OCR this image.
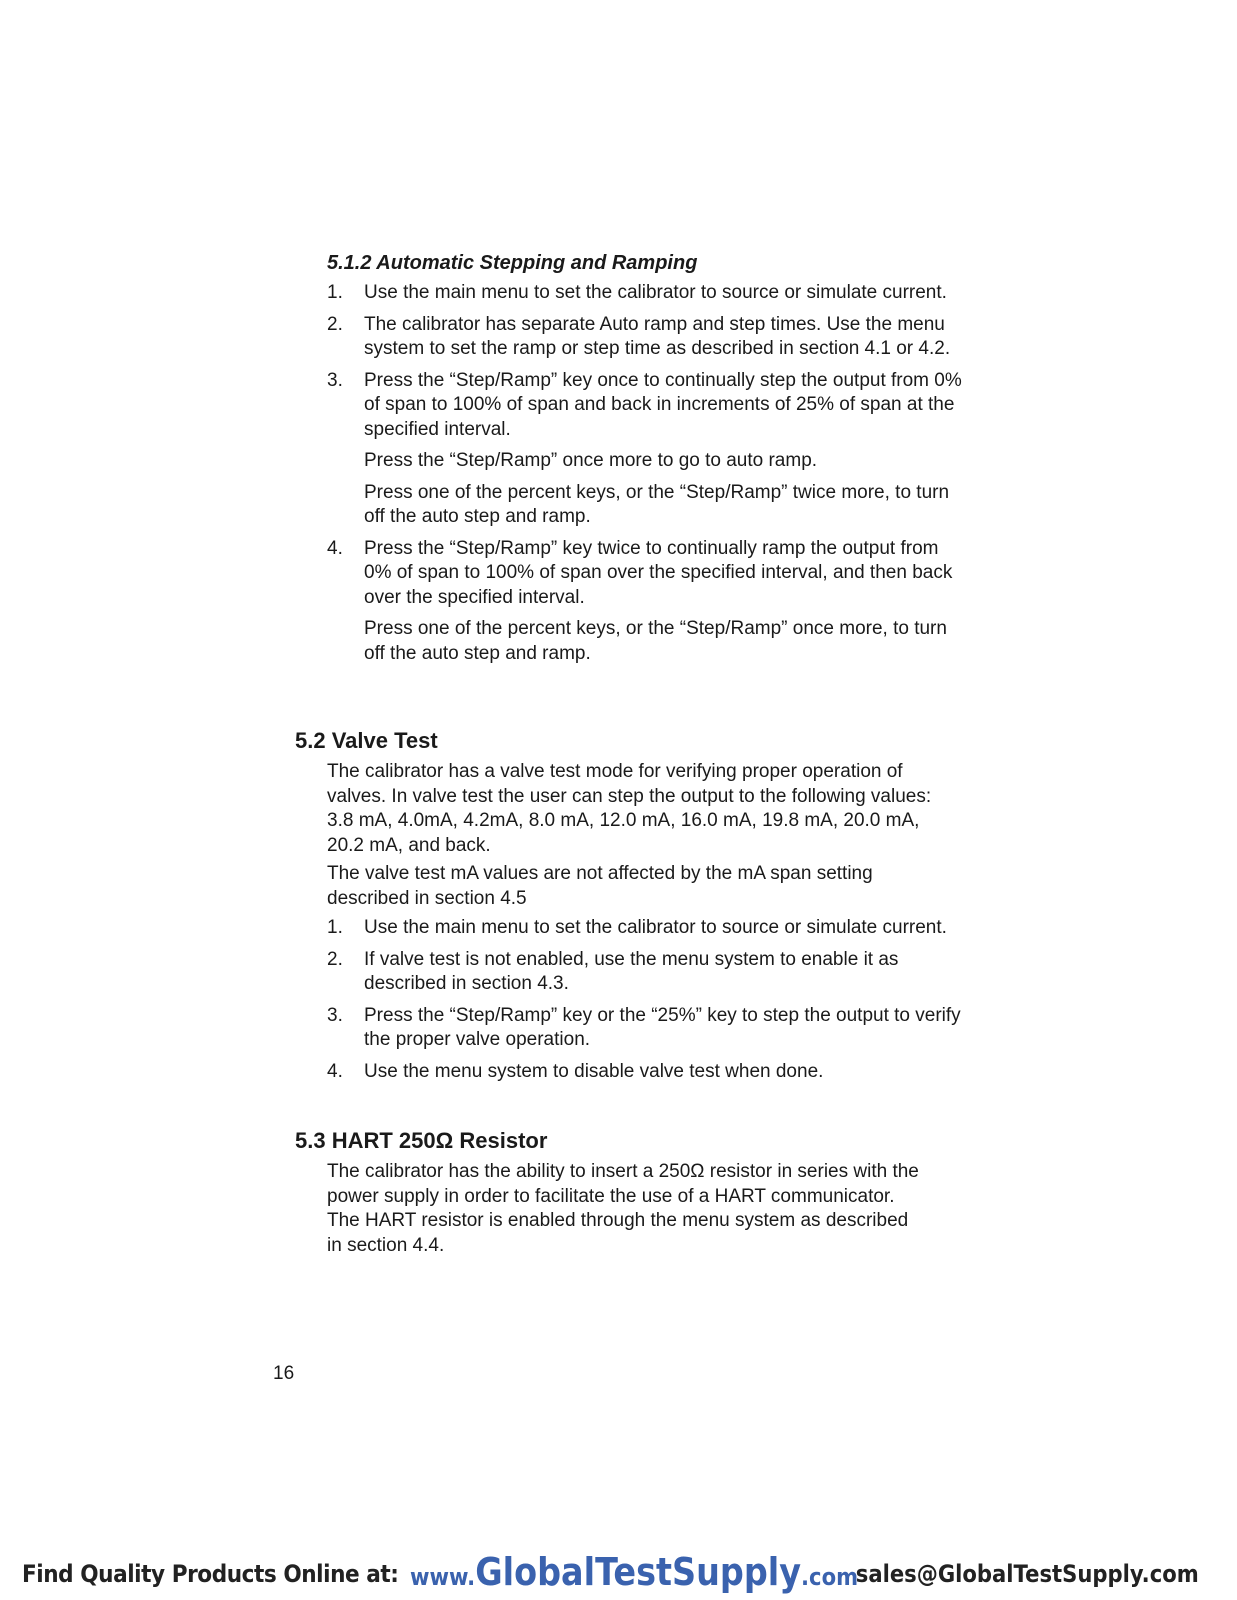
5.1.2 Automatic Stepping and Ramping
1. Use the main menu to set the calibrator to source or simulate current.
2. The calibrator has separate Auto ramp and step times. Use the menu system to set the ramp or step time as described in section 4.1 or 4.2.
3. Press the “Step/Ramp” key once to continually step the output from 0% of span to 100% of span and back in increments of 25% of span at the specified interval.
Press the “Step/Ramp” once more to go to auto ramp.
Press one of the percent keys, or the “Step/Ramp” twice more, to turn off the auto step and ramp.
4. Press the “Step/Ramp” key twice to continually ramp the output from 0% of span to 100% of span over the specified interval, and then back over the specified interval.
Press one of the percent keys, or the “Step/Ramp” once more, to turn off the auto step and ramp.
5.2 Valve Test

The calibrator has a valve test mode for verifying proper operation of valves. In valve test the user can step the output to the following values: 3.8 mA, 4.0mA, 4.2mA, 8.0 mA, 12.0 mA, 16.0 mA, 19.8 mA, 20.0 mA, 20.2 mA, and back.

The valve test mA values are not affected by the mA span setting described in section 4.5

1. Use the main menu to set the calibrator to source or simulate current.
2. If valve test is not enabled, use the menu system to enable it as described in section 4.3.
3. Press the “Step/Ramp” key or the “25%” key to step the output to verify the proper valve operation.
4. Use the menu system to disable valve test when done.
5.3 HART 250Ω Resistor

The calibrator has the ability to insert a 250Ω resistor in series with the power supply in order to facilitate the use of a HART communicator. The HART resistor is enabled through the menu system as described in section 4.4.

16

Find Quality Products Online at: www.GlobalTestSupply.com
sales@GlobalTestSupply.com
